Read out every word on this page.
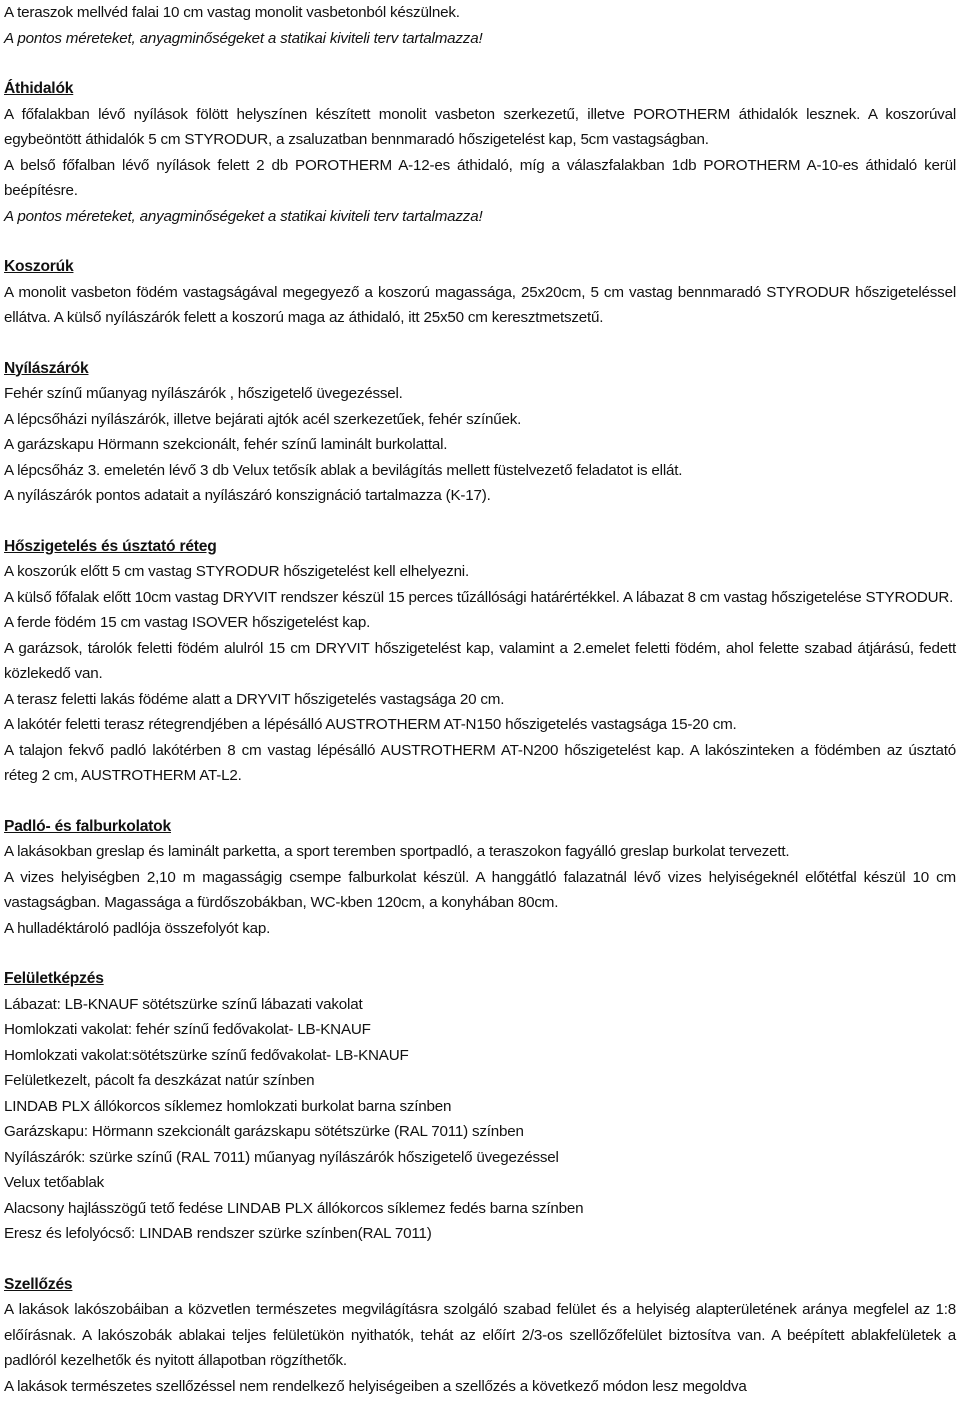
A teraszok mellvéd falai 10 cm vastag monolit vasbetonból készülnek.

A pontos méreteket, anyagminőségeket a statikai kiviteli terv tartalmazza!

Áthidalók

A főfalakban lévő nyílások fölött helyszínen készített monolit vasbeton szerkezetű, illetve POROTHERM áthidalók lesznek. A koszorúval egybeöntött áthidalók 5 cm STYRODUR, a zsaluzatban bennmaradó hőszigetelést kap, 5cm vastagságban.

A belső főfalban lévő nyílások felett 2 db POROTHERM A-12-es áthidaló, míg a válaszfalakban 1db POROTHERM A-10-es áthidaló kerül beépítésre.

A pontos méreteket, anyagminőségeket a statikai kiviteli terv tartalmazza!

Koszorúk

A monolit vasbeton födém vastagságával megegyező a koszorú magassága, 25x20cm, 5 cm vastag bennmaradó STYRODUR hőszigeteléssel ellátva. A külső nyílászárók felett a koszorú maga az áthidaló, itt 25x50 cm keresztmetszetű.

Nyílászárók

Fehér színű műanyag nyílászárók , hőszigetelő üvegezéssel.

A lépcsőházi nyílászárók, illetve bejárati ajtók acél szerkezetűek, fehér színűek.

A garázskapu Hörmann szekcionált, fehér színű laminált burkolattal.

A lépcsőház 3. emeletén lévő 3 db Velux tetősík ablak a bevilágítás mellett füstelvezető feladatot is ellát.

A nyílászárók pontos adatait a nyílászáró konszignáció tartalmazza (K-17).

Hőszigetelés és úsztató réteg

A koszorúk előtt 5 cm vastag STYRODUR hőszigetelést kell elhelyezni.

A külső főfalak előtt 10cm vastag DRYVIT rendszer készül 15 perces tűzállósági határértékkel. A lábazat 8 cm vastag hőszigetelése STYRODUR.

A ferde födém 15 cm vastag ISOVER hőszigetelést kap.

A garázsok, tárolók feletti födém alulról 15 cm DRYVIT hőszigetelést kap, valamint a 2.emelet feletti födém, ahol felette szabad átjárású, fedett közlekedő van.

A terasz feletti lakás födéme alatt a DRYVIT hőszigetelés vastagsága 20 cm.

A lakótér feletti terasz rétegrendjében a lépésálló AUSTROTHERM AT-N150 hőszigetelés vastagsága 15-20 cm.

A talajon fekvő padló lakótérben 8 cm vastag lépésálló AUSTROTHERM AT-N200 hőszigetelést kap. A lakószinteken a födémben az úsztató réteg 2 cm, AUSTROTHERM AT-L2.

Padló- és falburkolatok

A lakásokban greslap és laminált parketta, a sport teremben sportpadló, a teraszokon fagyálló greslap burkolat tervezett.

A vizes helyiségben 2,10 m magasságig csempe falburkolat készül. A hanggátló falazatnál lévő vizes helyiségeknél előtétfal készül 10 cm vastagságban. Magassága a fürdőszobákban, WC-kben 120cm, a konyhában 80cm.

A hulladéktároló padlója összefolyót kap.

Felületképzés

Lábazat: LB-KNAUF sötétszürke színű lábazati vakolat

Homlokzati vakolat: fehér színű fedővakolat- LB-KNAUF

Homlokzati vakolat:sötétszürke színű fedővakolat- LB-KNAUF

Felületkezelt, pácolt fa deszkázat natúr színben

LINDAB PLX állókorcos síklemez homlokzati burkolat barna színben

Garázskapu: Hörmann szekcionált garázskapu sötétszürke (RAL 7011) színben

Nyílászárók: szürke színű (RAL 7011) műanyag nyílászárók hőszigetelő üvegezéssel

Velux tetőablak

Alacsony hajlásszögű tető fedése LINDAB PLX állókorcos síklemez fedés barna színben

Eresz és lefolyócső: LINDAB rendszer szürke színben(RAL 7011)

Szellőzés

A lakások lakószobáiban a közvetlen természetes megvilágításra szolgáló szabad felület és a helyiség alapterületének aránya megfelel az 1:8 előírásnak. A lakószobák ablakai teljes felületükön nyithatók, tehát az előírt 2/3-os szellőzőfelület biztosítva van. A beépített ablakfelületek a padlóról kezelhetők és nyitott állapotban rögzíthetők.

A lakások természetes szellőzéssel nem rendelkező helyiségeiben a szellőzés a következő módon lesz megoldva
